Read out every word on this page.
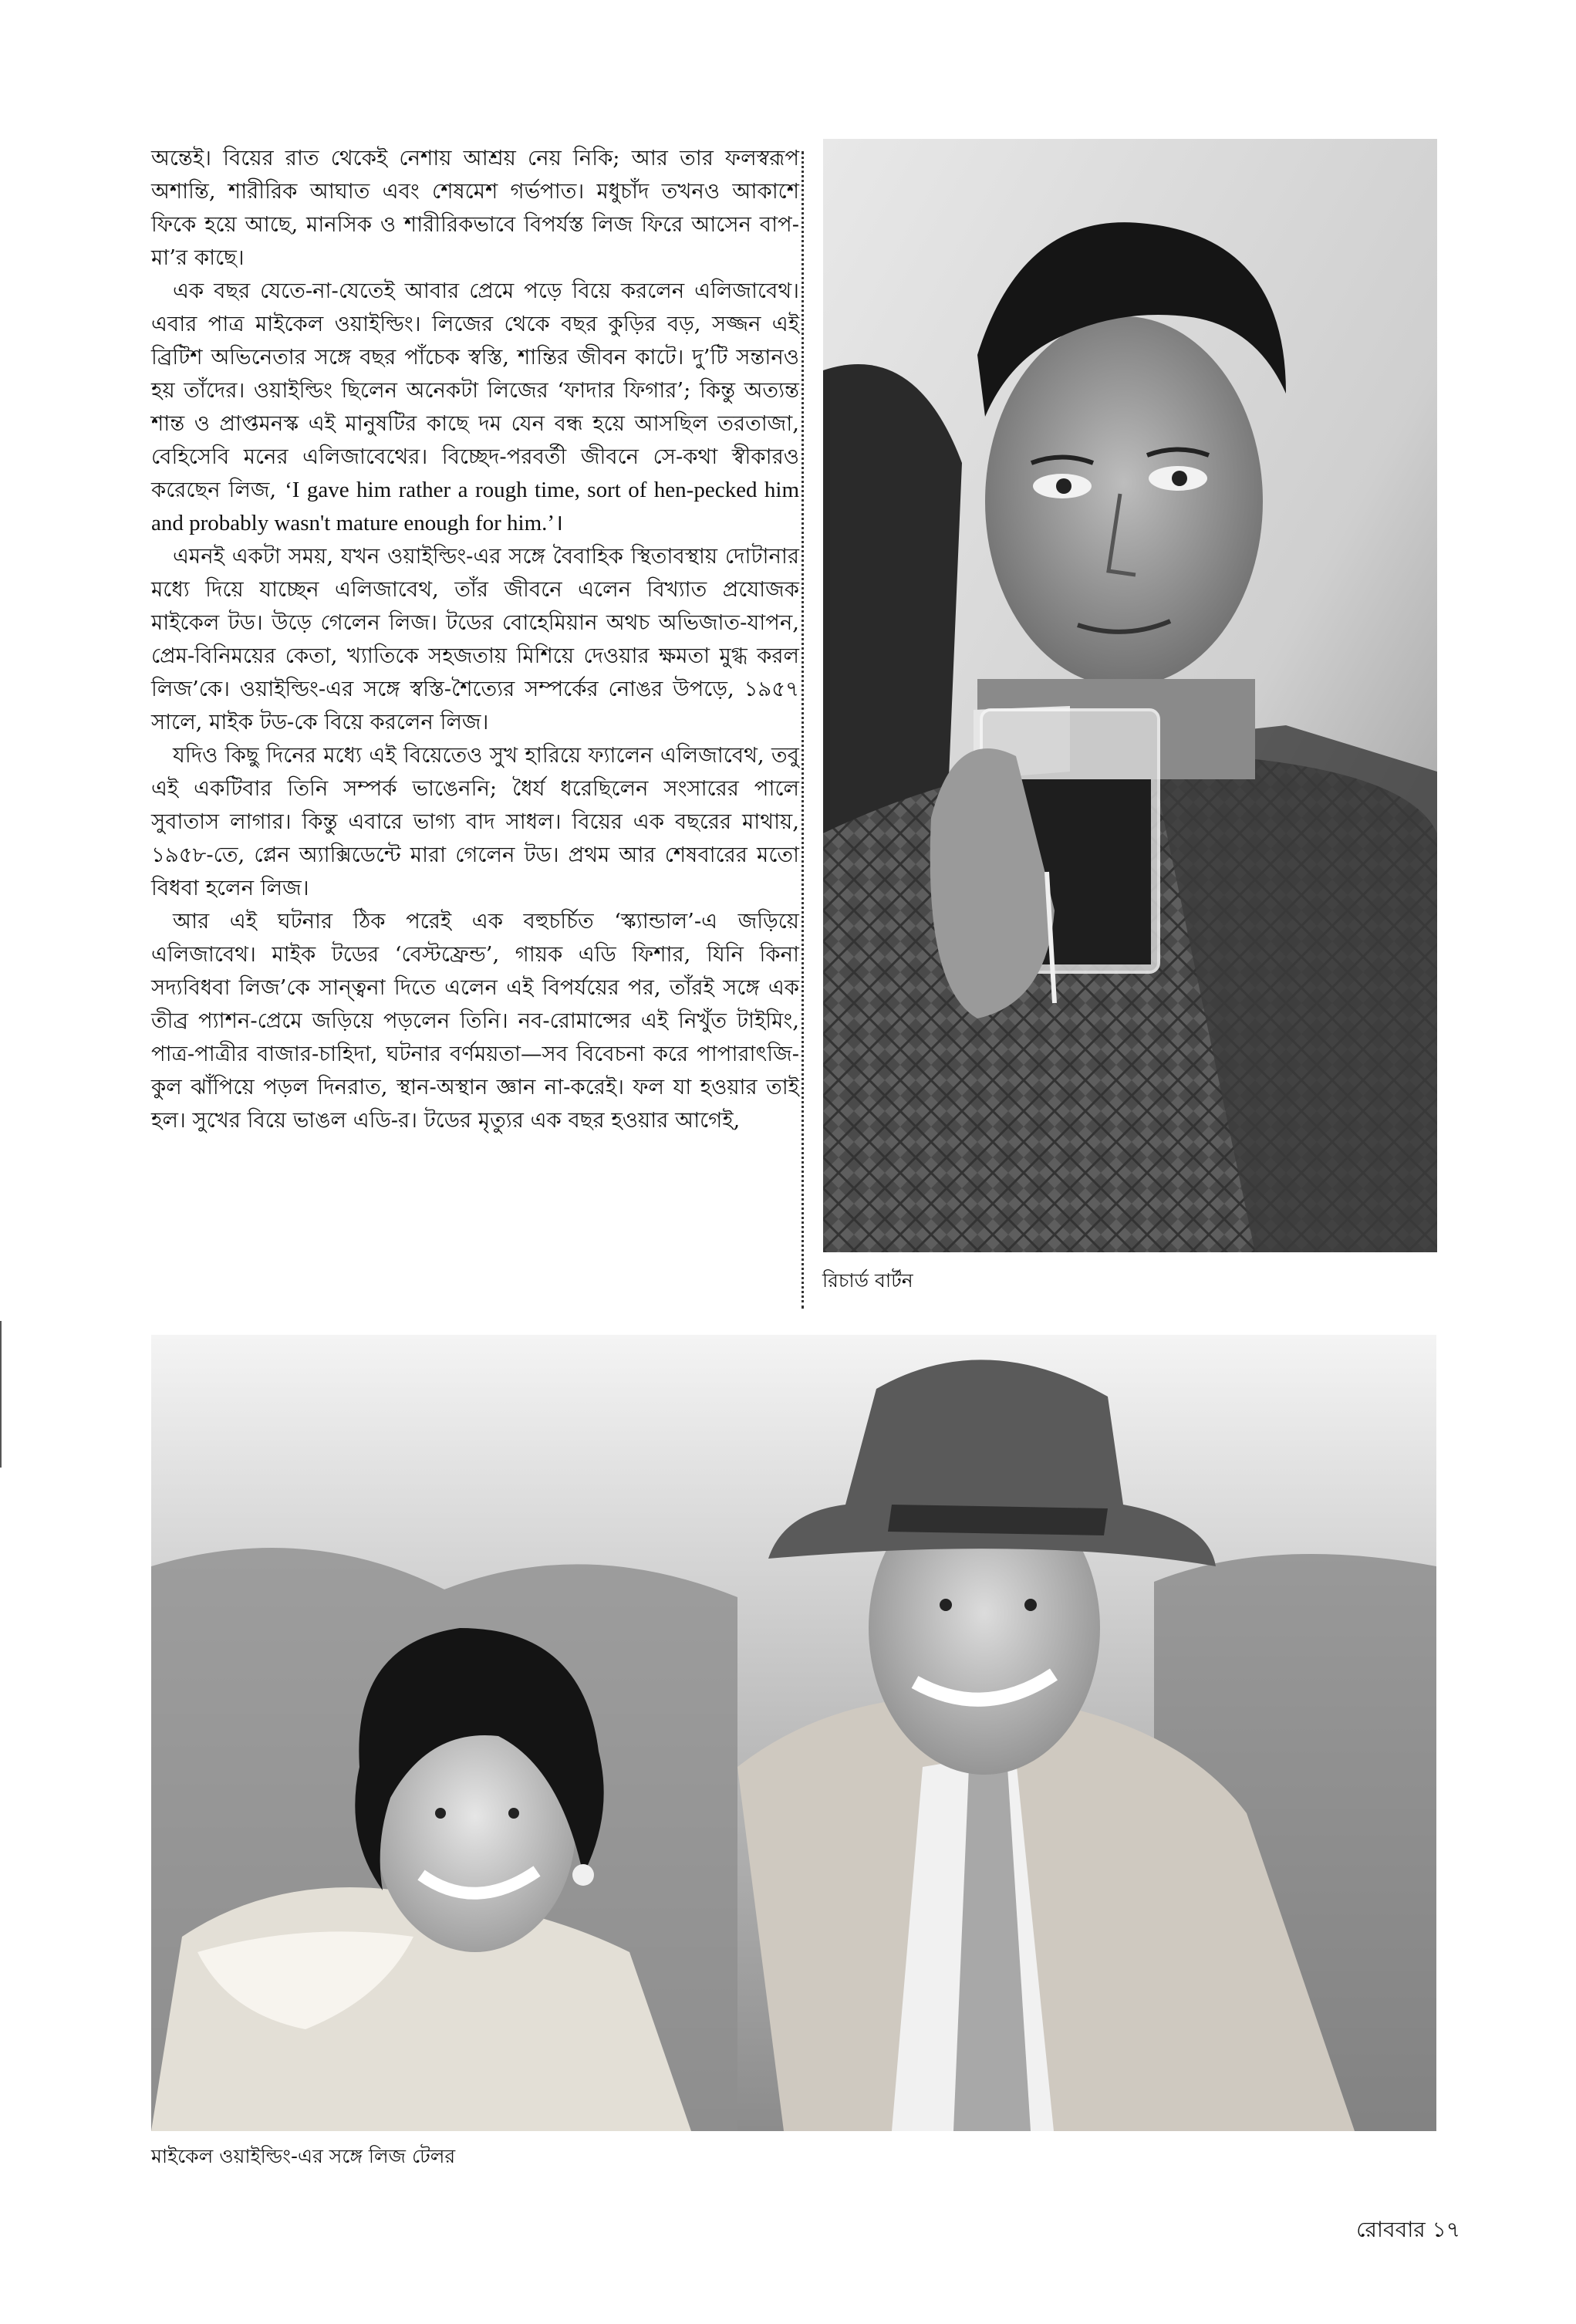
অন্তেই। বিয়ের রাত থেকেই নেশায় আশ্রয় নেয় নিকি; আর তার ফলস্বরূপ অশান্তি, শারীরিক আঘাত এবং শেষমেশ গর্ভপাত। মধুচাঁদ তখনও আকাশে ফিকে হয়ে আছে, মানসিক ও শারীরিকভাবে বিপর্যস্ত লিজ ফিরে আসেন বাপ-মা’র কাছে।

এক বছর যেতে-না-যেতেই আবার প্রেমে পড়ে বিয়ে করলেন এলিজাবেথ। এবার পাত্র মাইকেল ওয়াইল্ডিং। লিজের থেকে বছর কুড়ির বড়, সজ্জন এই ব্রিটিশ অভিনেতার সঙ্গে বছর পাঁচেক স্বস্তি, শান্তির জীবন কাটে। দু’টি সন্তানও হয় তাঁদের। ওয়াইল্ডিং ছিলেন অনেকটা লিজের ‘ফাদার ফিগার’; কিন্তু অত্যন্ত শান্ত ও প্রাপ্তমনস্ক এই মানুষটির কাছে দম যেন বন্ধ হয়ে আসছিল তরতাজা, বেহিসেবি মনের এলিজাবেথের। বিচ্ছেদ-পরবর্তী জীবনে সে-কথা স্বীকারও করেছেন লিজ, ‘I gave him rather a rough time, sort of hen-pecked him and probably wasn't mature enough for him.’।

এমনই একটা সময়, যখন ওয়াইল্ডিং-এর সঙ্গে বৈবাহিক স্থিতাবস্থায় দোটানার মধ্যে দিয়ে যাচ্ছেন এলিজাবেথ, তাঁর জীবনে এলেন বিখ্যাত প্রযোজক মাইকেল টড। উড়ে গেলেন লিজ। টডের বোহেমিয়ান অথচ অভিজাত-যাপন, প্রেম-বিনিময়ের কেতা, খ্যাতিকে সহজতায় মিশিয়ে দেওয়ার ক্ষমতা মুগ্ধ করল লিজ’কে। ওয়াইল্ডিং-এর সঙ্গে স্বস্তি-শৈত্যের সম্পর্কের নোঙর উপড়ে, ১৯৫৭ সালে, মাইক টড-কে বিয়ে করলেন লিজ।

যদিও কিছু দিনের মধ্যে এই বিয়েতেও সুখ হারিয়ে ফ্যালেন এলিজাবেথ, তবু এই একটিবার তিনি সম্পর্ক ভাঙেননি; ধৈর্য ধরেছিলেন সংসারের পালে সুবাতাস লাগার। কিন্তু এবারে ভাগ্য বাদ সাধল। বিয়ের এক বছরের মাথায়, ১৯৫৮-তে, প্লেন অ্যাক্সিডেন্টে মারা গেলেন টড। প্রথম আর শেষবারের মতো বিধবা হলেন লিজ।

আর এই ঘটনার ঠিক পরেই এক বহুচর্চিত ‘স্ক্যান্ডাল’-এ জড়িয়ে এলিজাবেথ। মাইক টডের ‘বেস্টফ্রেন্ড’, গায়ক এডি ফিশার, যিনি কিনা সদ্যবিধবা লিজ’কে সান্ত্বনা দিতে এলেন এই বিপর্যয়ের পর, তাঁরই সঙ্গে এক তীব্র প্যাশন-প্রেমে জড়িয়ে পড়লেন তিনি। নব-রোমান্সের এই নিখুঁত টাইমিং, পাত্র-পাত্রীর বাজার-চাহিদা, ঘটনার বর্ণময়তা—সব বিবেচনা করে পাপারাৎজি-কুল ঝাঁপিয়ে পড়ল দিনরাত, স্থান-অস্থান জ্ঞান না-করেই। ফল যা হওয়ার তাই হল। সুখের বিয়ে ভাঙল এডি-র। টডের মৃত্যুর এক বছর হওয়ার আগেই,

রিচার্ড বার্টন
মাইকেল ওয়াইল্ডিং-এর সঙ্গে লিজ টেলর
রোববার ১৭
